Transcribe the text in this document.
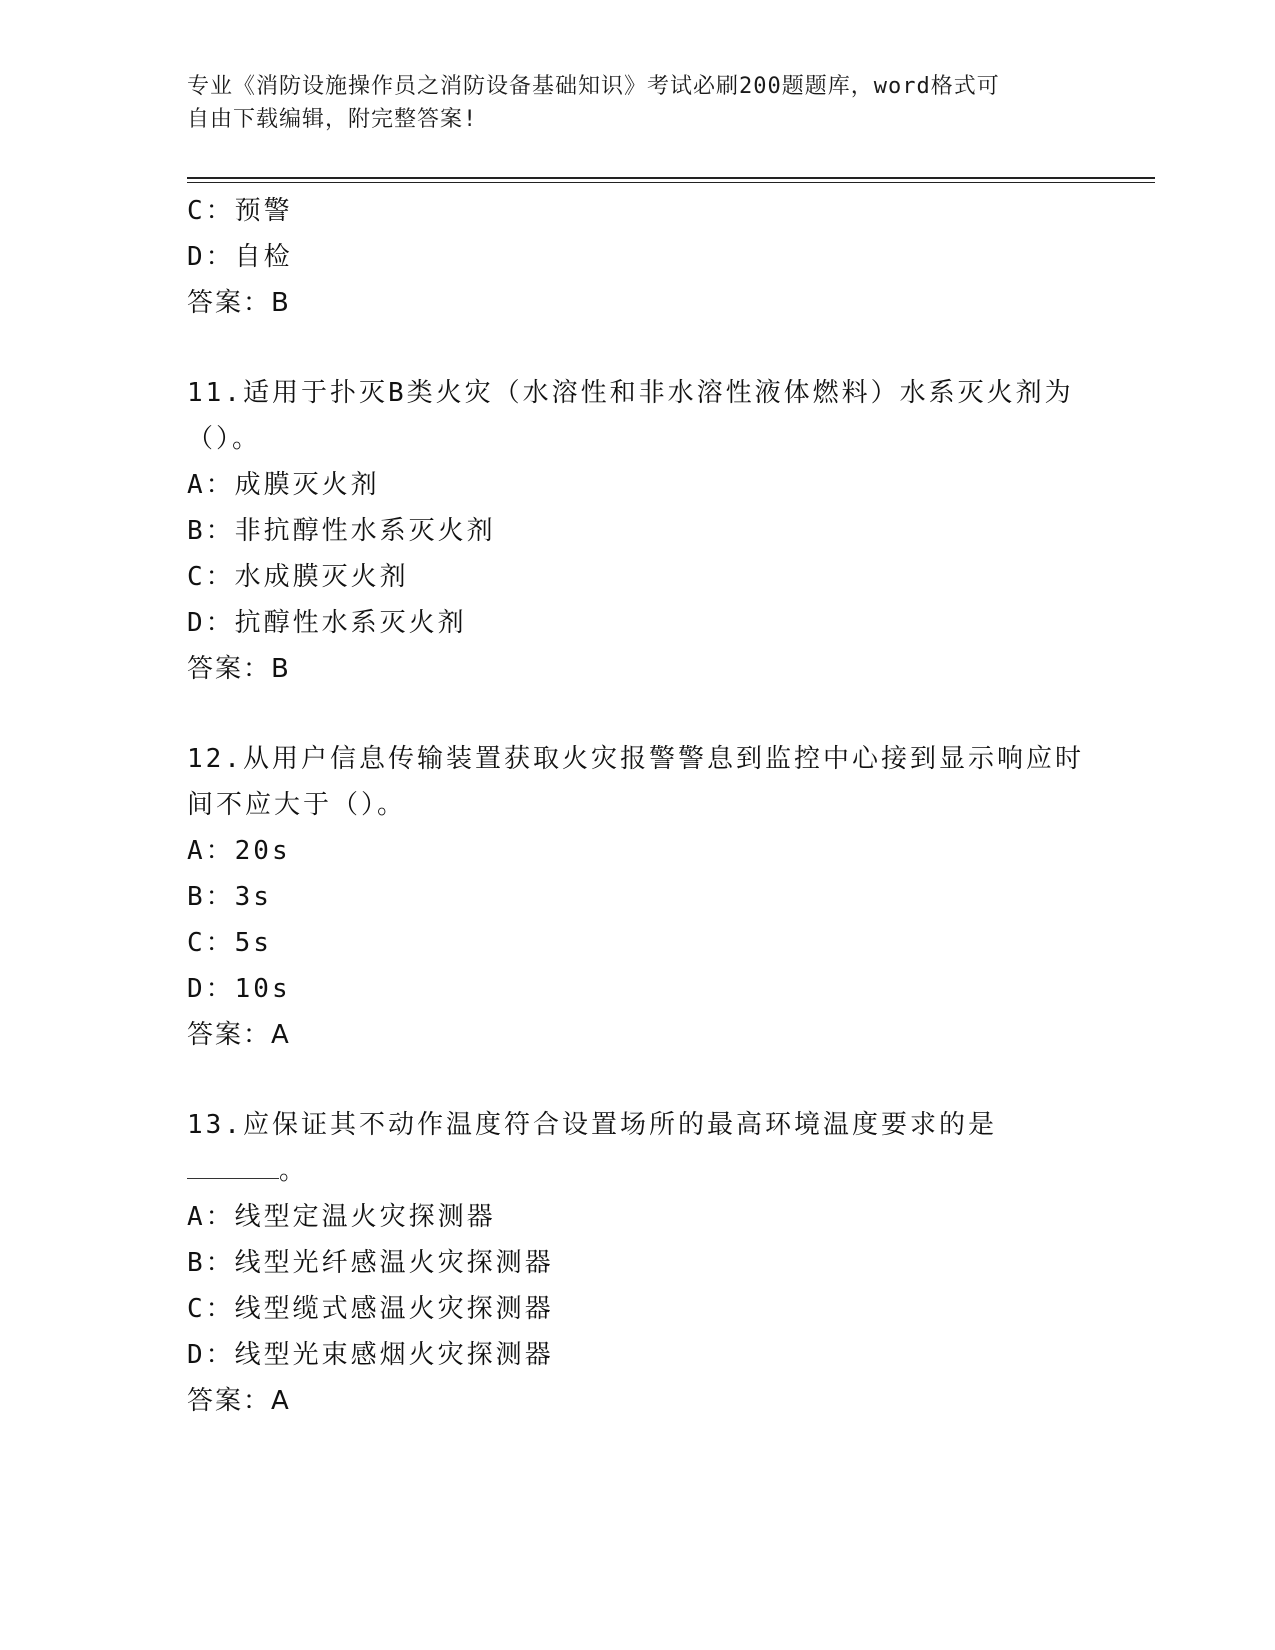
专业《消防设施操作员之消防设备基础知识》考试必刷200题题库，word格式可
自由下载编辑，附完整答案!
C：预警
D：自检
答案：B
11.适用于扑灭B类火灾（水溶性和非水溶性液体燃料）水系灭火剂为
（）。
A：成膜灭火剂
B：非抗醇性水系灭火剂
C：水成膜灭火剂
D：抗醇性水系灭火剂
答案：B
12.从用户信息传输装置获取火灾报警警息到监控中心接到显示响应时
间不应大于（）。
A：20s
B：3s
C：5s
D：10s
答案：A
13.应保证其不动作温度符合设置场所的最高环境温度要求的是
。
A：线型定温火灾探测器
B：线型光纤感温火灾探测器
C：线型缆式感温火灾探测器
D：线型光束感烟火灾探测器
答案：A
